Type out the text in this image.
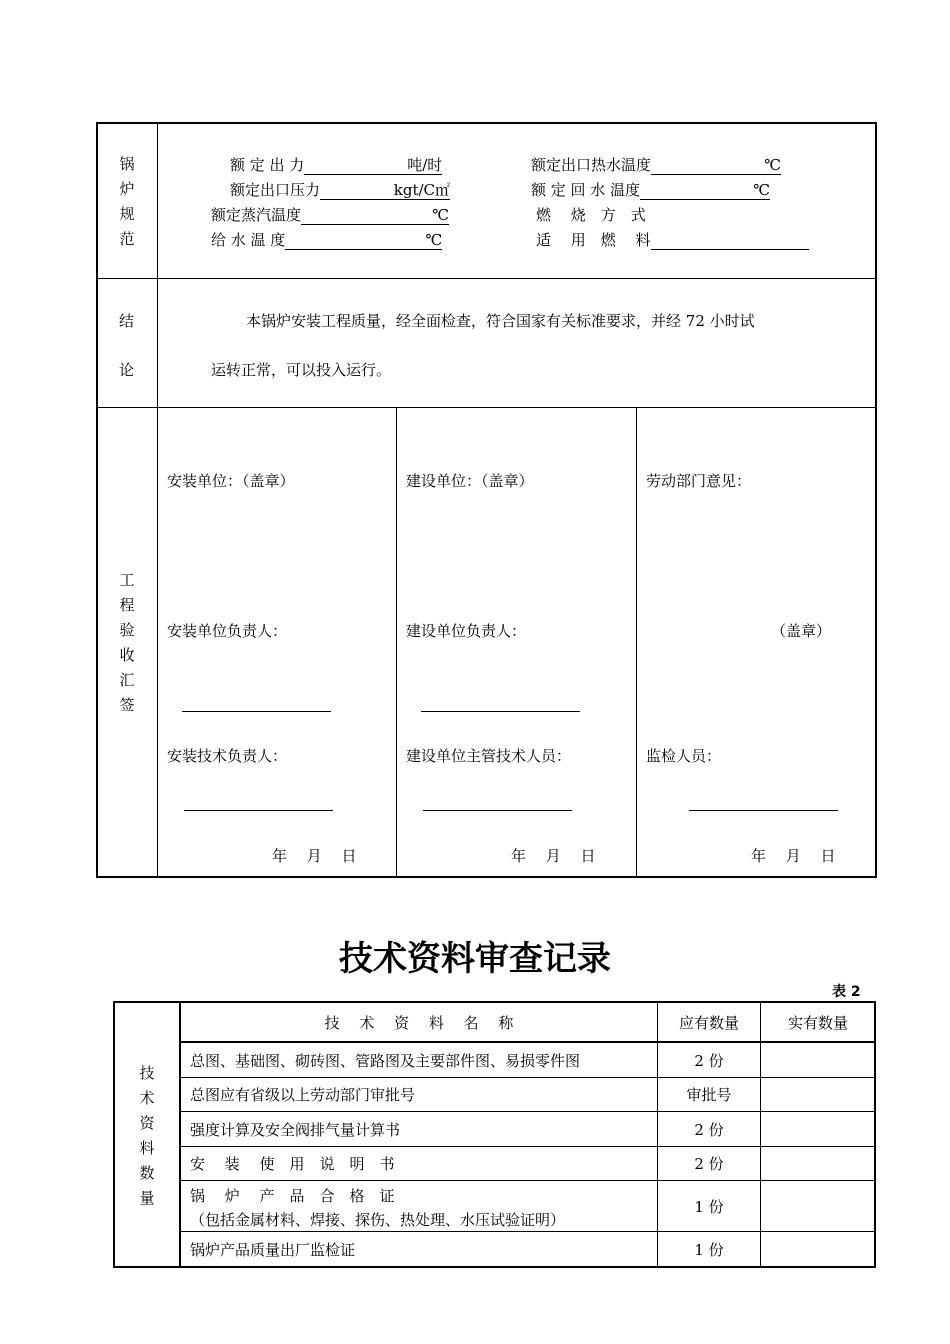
锅
炉
规
范
额 定 出 力	吨/时	额定出口热水温度	℃
额定出口压力	kgt/C㎡	额 定 回 水 温度	℃
额定蒸汽温度	℃	燃　 烧　方　式
给 水 温 度	℃	适　 用　燃　 料
结
论
本锅炉安装工程质量，经全面检查，符合国家有关标准要求，并经 72 小时试
运转正常，可以投入运行。
工
程
验
收
汇
签
安装单位：（盖章）
安装单位负责人：
安装技术负责人：
年　 月　 日
建设单位：（盖章）
建设单位负责人：
建设单位主管技术人员：
年　 月　 日
劳动部门意见：
（盖章）
监检人员：
年　 月　 日
技术资料审查记录
表 2
技
术
资
料
数
量
技　 术　 资　 料　 名　 称	应有数量	实有数量
总图、基础图、砌砖图、管路图及主要部件图、易损零件图	2 份
总图应有省级以上劳动部门审批号	审批号
强度计算及安全阀排气量计算书	2 份
安　 装　 使　用　说　明　书	2 份
锅　 炉　 产　品　合　格　证
（包括金属材料、焊接、探伤、热处理、水压试验证明）
1 份
锅炉产品质量出厂监检证	1 份
